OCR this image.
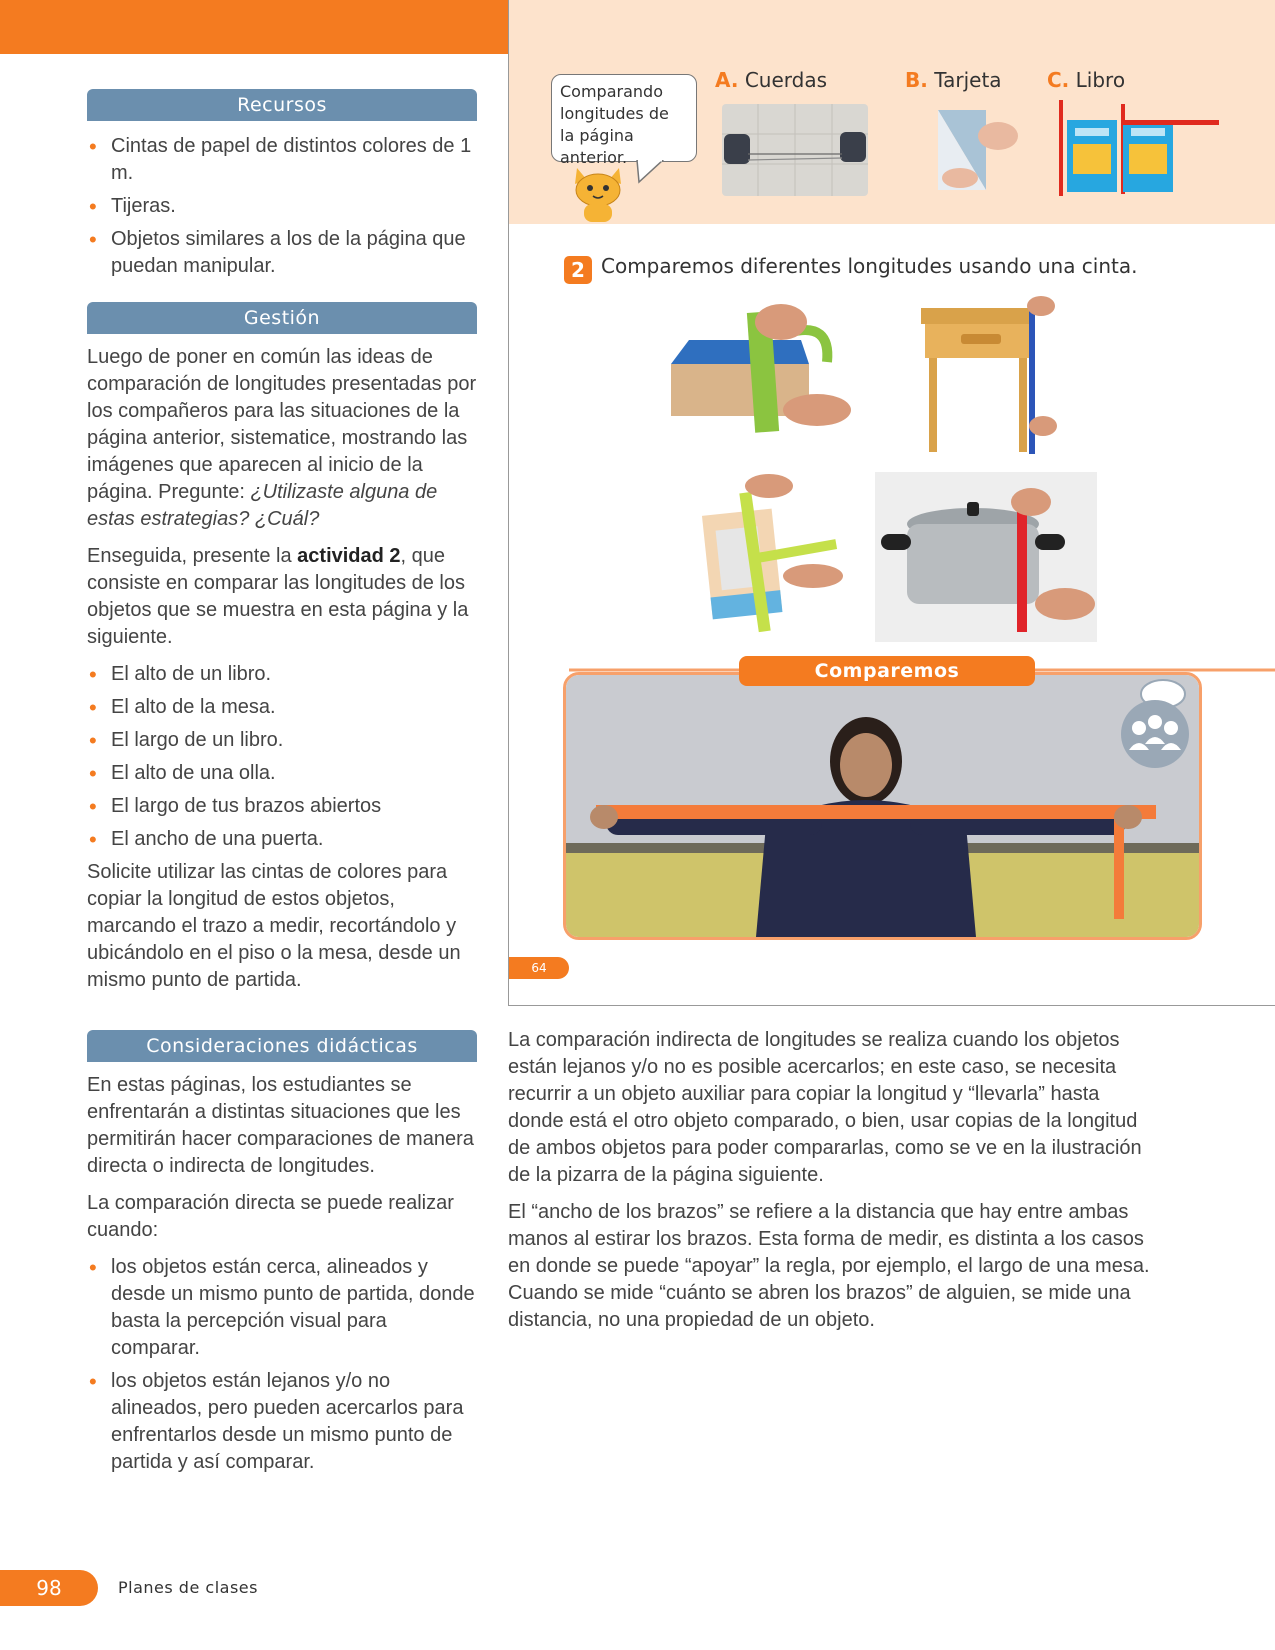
Recursos
• Cintas de papel de distintos colores de 1 m.
• Tijeras.
• Objetos similares a los de la página que puedan manipular.
Gestión

Luego de poner en común las ideas de comparación de longitudes presentadas por los compañeros para las situaciones de la página anterior, sistematice, mostrando las imágenes que aparecen al inicio de la página. Pregunte: ¿Utilizaste alguna de estas estrategias? ¿Cuál?

Enseguida, presente la actividad 2, que consiste en comparar las longitudes de los objetos que se muestra en esta página y la siguiente.

• El alto de un libro.
• El alto de la mesa.
• El largo de un libro.
• El alto de una olla.
• El largo de tus brazos abiertos
• El ancho de una puerta.

Solicite utilizar las cintas de colores para copiar la longitud de estos objetos, marcando el trazo a medir, recortándolo y ubicándolo en el piso o la mesa, desde un mismo punto de partida.

Consideraciones didácticas

En estas páginas, los estudiantes se enfrentarán a distintas situaciones que les permitirán hacer comparaciones de manera directa o indirecta de longitudes.

La comparación directa se puede realizar cuando:

• los objetos están cerca, alineados y desde un mismo punto de partida, donde basta la percepción visual para comparar.
• los objetos están lejanos y/o no alineados, pero pueden acercarlos para enfrentarlos desde un mismo punto de partida y así comparar.
Comparando longitudes de la página anterior.
A. Cuerdas	B. Tarjeta C. Libro
2 Comparemos diferentes longitudes usando una cinta.
Comparemos
64

La comparación indirecta de longitudes se realiza cuando los objetos están lejanos y/o no es posible acercarlos; en este caso, se necesita recurrir a un objeto auxiliar para copiar la longitud y “llevarla” hasta donde está el otro objeto comparado, o bien, usar copias de la longitud de ambos objetos para poder compararlas, como se ve en la ilustración de la pizarra de la página siguiente.

El “ancho de los brazos” se refiere a la distancia que hay entre ambas manos al estirar los brazos. Esta forma de medir, es distinta a los casos en donde se puede “apoyar” la regla, por ejemplo, el largo de una mesa. Cuando se mide “cuánto se abren los brazos” de alguien, se mide una distancia, no una propiedad de un objeto.

98	Planes de clases
